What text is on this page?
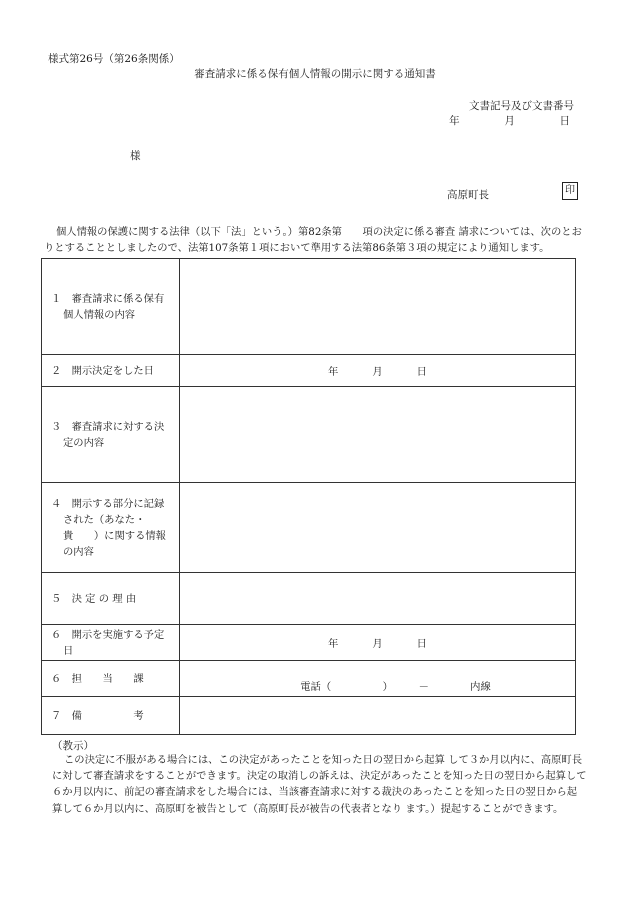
様式第26号（第26条関係）
審査請求に係る保有個人情報の開示に関する通知書
文書記号及び文書番号
年	月	日
様
高原町長	印
個人情報の保護に関する法律（以下「法」という。）第82条第　　項の決定に係る審査 請求については、次のとおりとすることとしましたので、法第107条第１項において準用する法第86条第３項の規定により通知します。
１　審査請求に係る保有個人情報の内容	

２　開示決定をした日	年 月 日

３　審査請求に対する決定の内容	

４　開示する部分に記録された（あなた・貴　　）に関する情報の内容	

５　決 定 の 理 由	

６　開示を実施する予定日	年 月 日

６　担　　当　　課	電話（　　　　　）　　　－　　　　内線

７　備　　　　　考	

（教示）
この決定に不服がある場合には、この決定があったことを知った日の翌日から起算 して３か月以内に、高原町長に対して審査請求をすることができます。決定の取消しの訴えは、決定があったことを知った日の翌日から起算して６か月以内に、前記の審査請求をした場合には、当該審査請求に対する裁決のあったことを知った日の翌日から起算して６か月以内に、高原町を被告として（高原町長が被告の代表者となり ます。）提起することができます。
